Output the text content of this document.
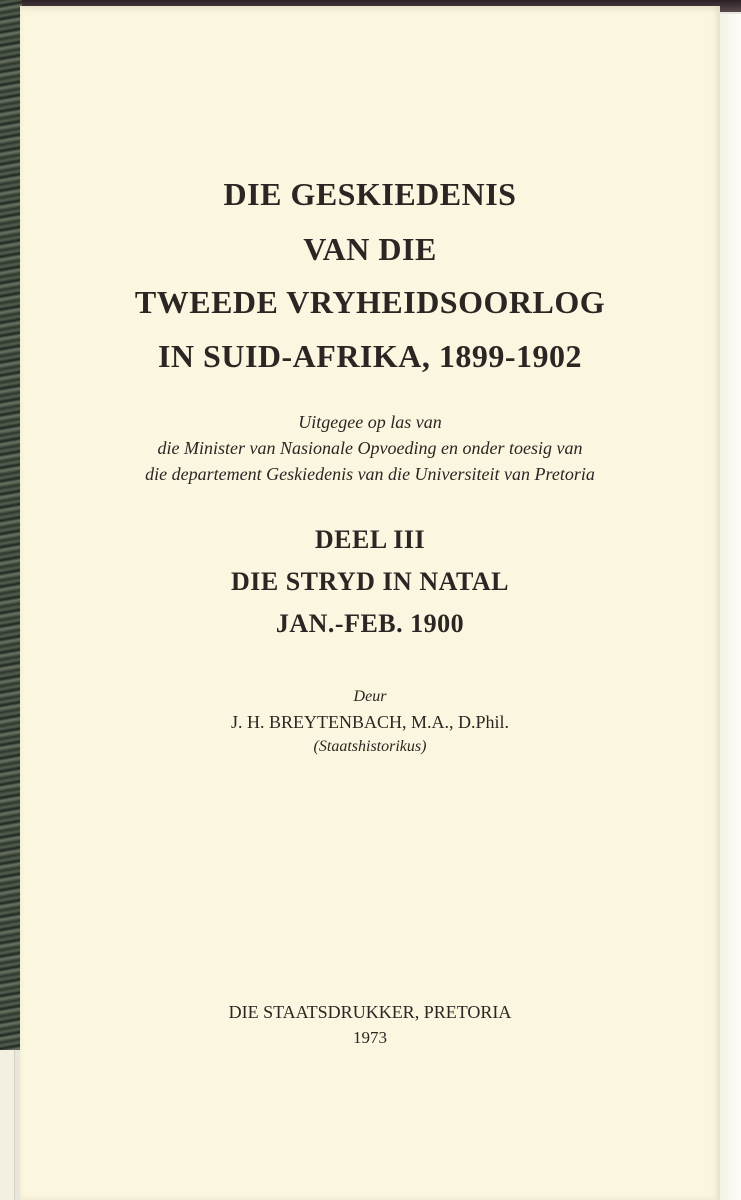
DIE GESKIEDENIS
VAN DIE
TWEEDE VRYHEIDSOORLOG
IN SUID-AFRIKA, 1899-1902
Uitgegee op las van
die Minister van Nasionale Opvoeding en onder toesig van
die departement Geskiedenis van die Universiteit van Pretoria
DEEL III
DIE STRYD IN NATAL
JAN.-FEB. 1900
Deur
J. H. BREYTENBACH, M.A., D.Phil.
(Staatshistorikus)
DIE STAATSDRUKKER, PRETORIA
1973
